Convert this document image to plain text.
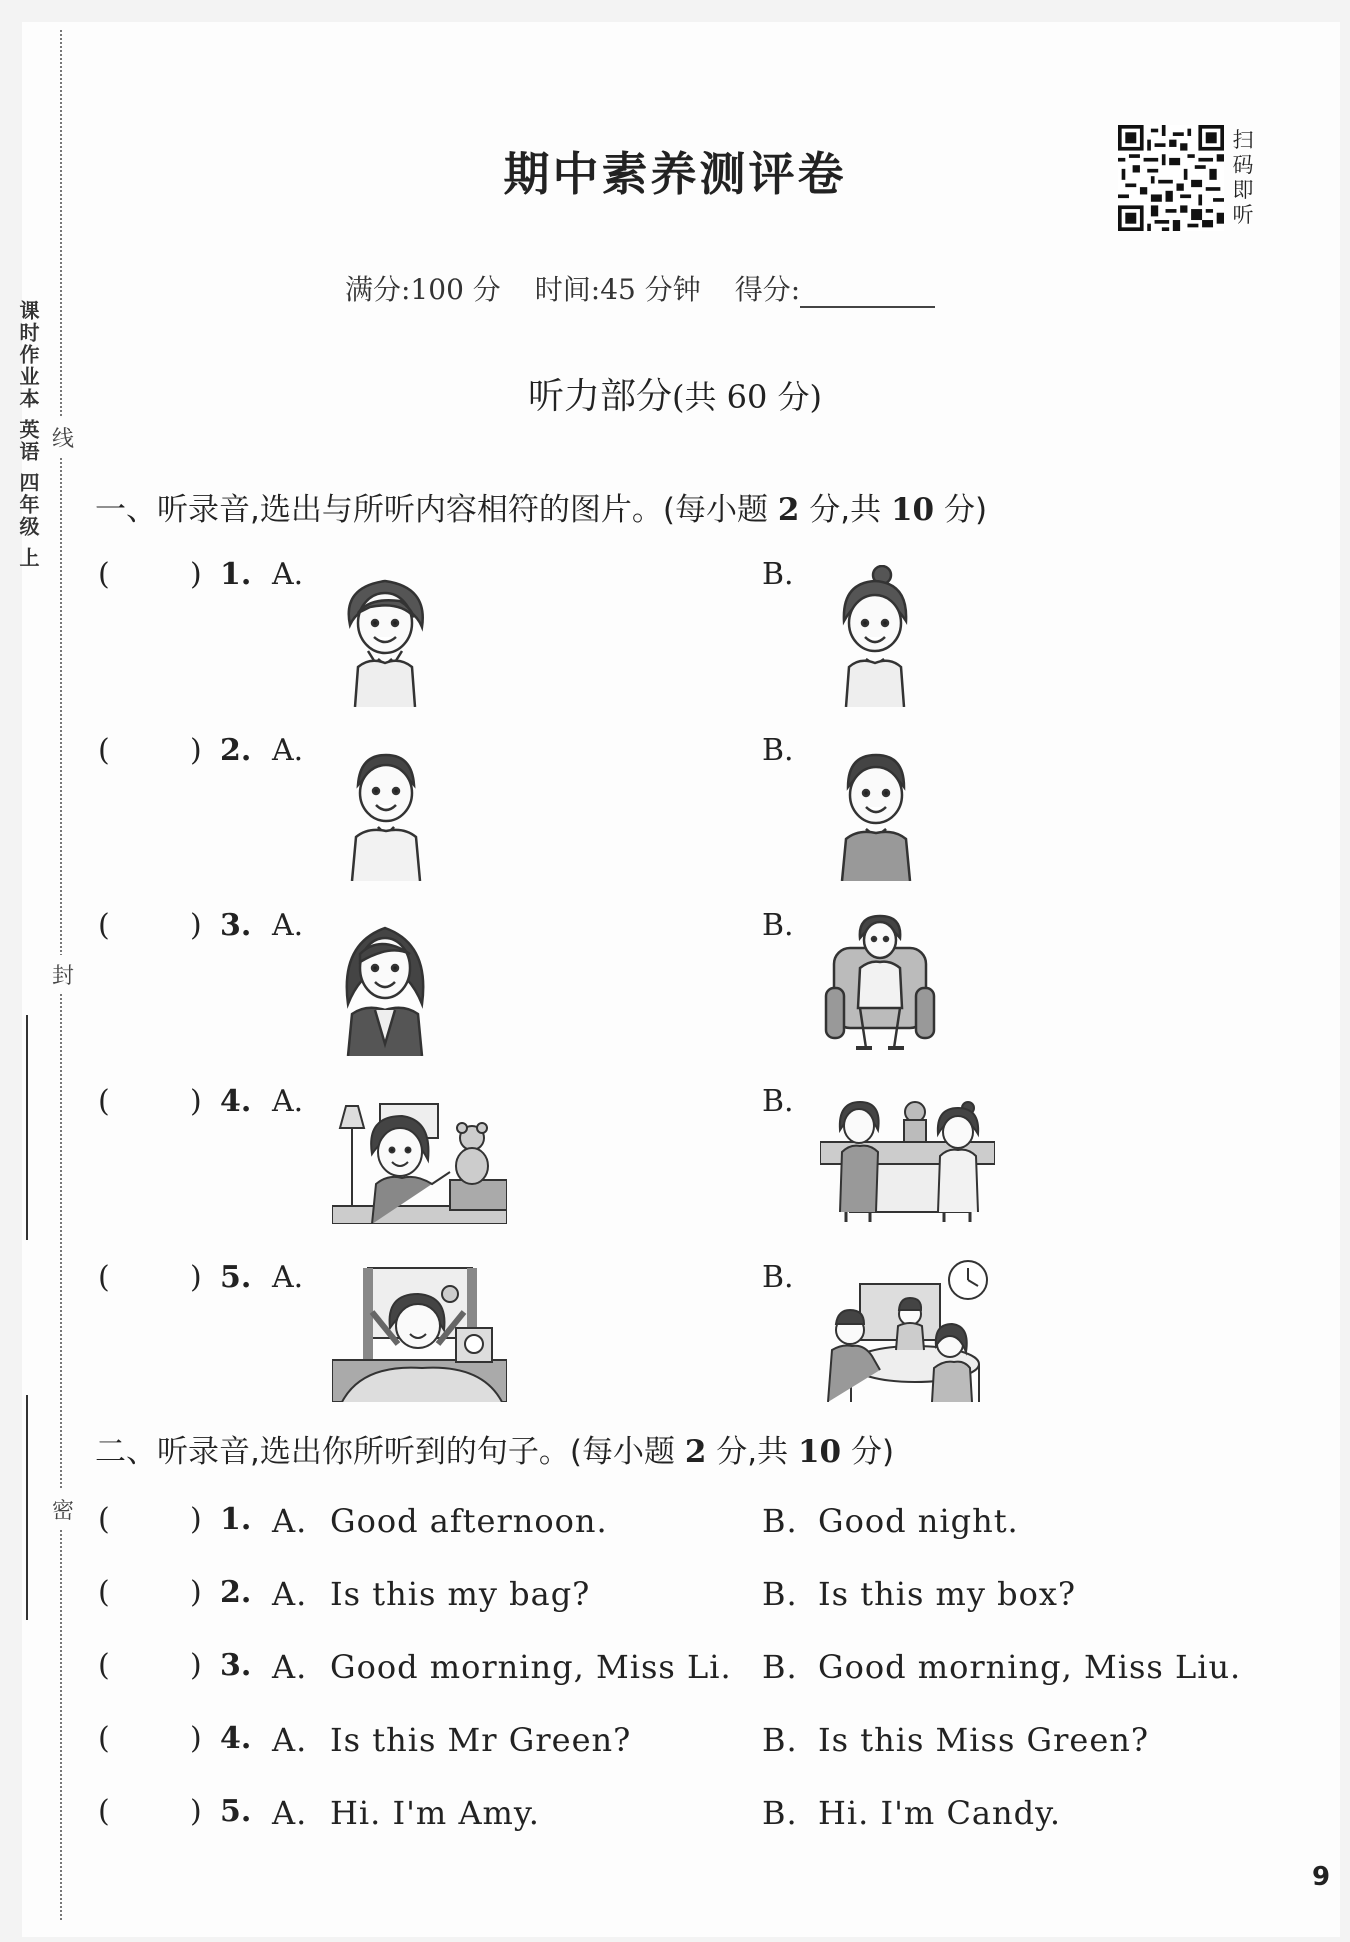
线
封
密
课时作业本 英语 四年级 上
期中素养测评卷
扫码即听
满分:100 分 时间:45 分钟 得分:
听力部分(共 60 分)
一、听录音,选出与所听内容相符的图片。(每小题 2 分,共 10 分)
(	) 1. A.	B.
(	) 2. A.	B.
(	) 3. A.	B.
(	) 4. A.	B.
(	) 5. A.	B.
二、听录音,选出你所听到的句子。(每小题 2 分,共 10 分)
(	) 1. A. Good afternoon.	B. Good night.
(	) 2. A. Is this my bag?	B. Is this my box?
(	) 3. A. Good morning, Miss Li. B. Good morning, Miss Liu.
(	) 4. A. Is this Mr Green?	B. Is this Miss Green?
(	) 5. A. Hi. I'm Amy.	B. Hi. I'm Candy.
9
